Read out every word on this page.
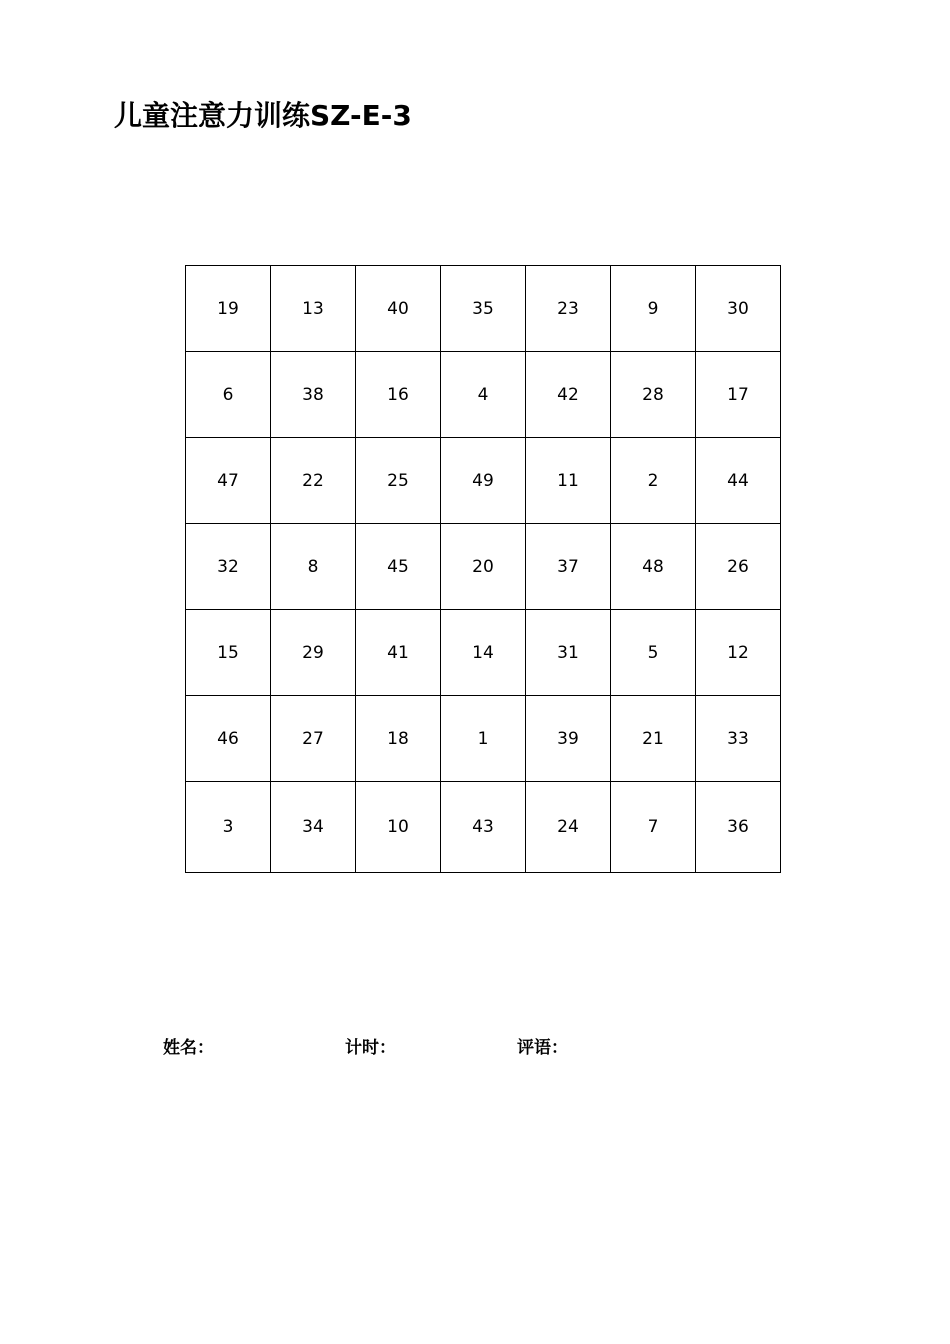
儿童注意力训练SZ-E-3
19	13	40	35	23	9	30
6	38	16	4	42	28	17
47	22	25	49	11	2	44
32	8	45	20	37	48	26
15	29	41	14	31	5	12
46	27	18	1	39	21	33
3	34	10	43	24	7	36
姓名：	计时：	评语：
